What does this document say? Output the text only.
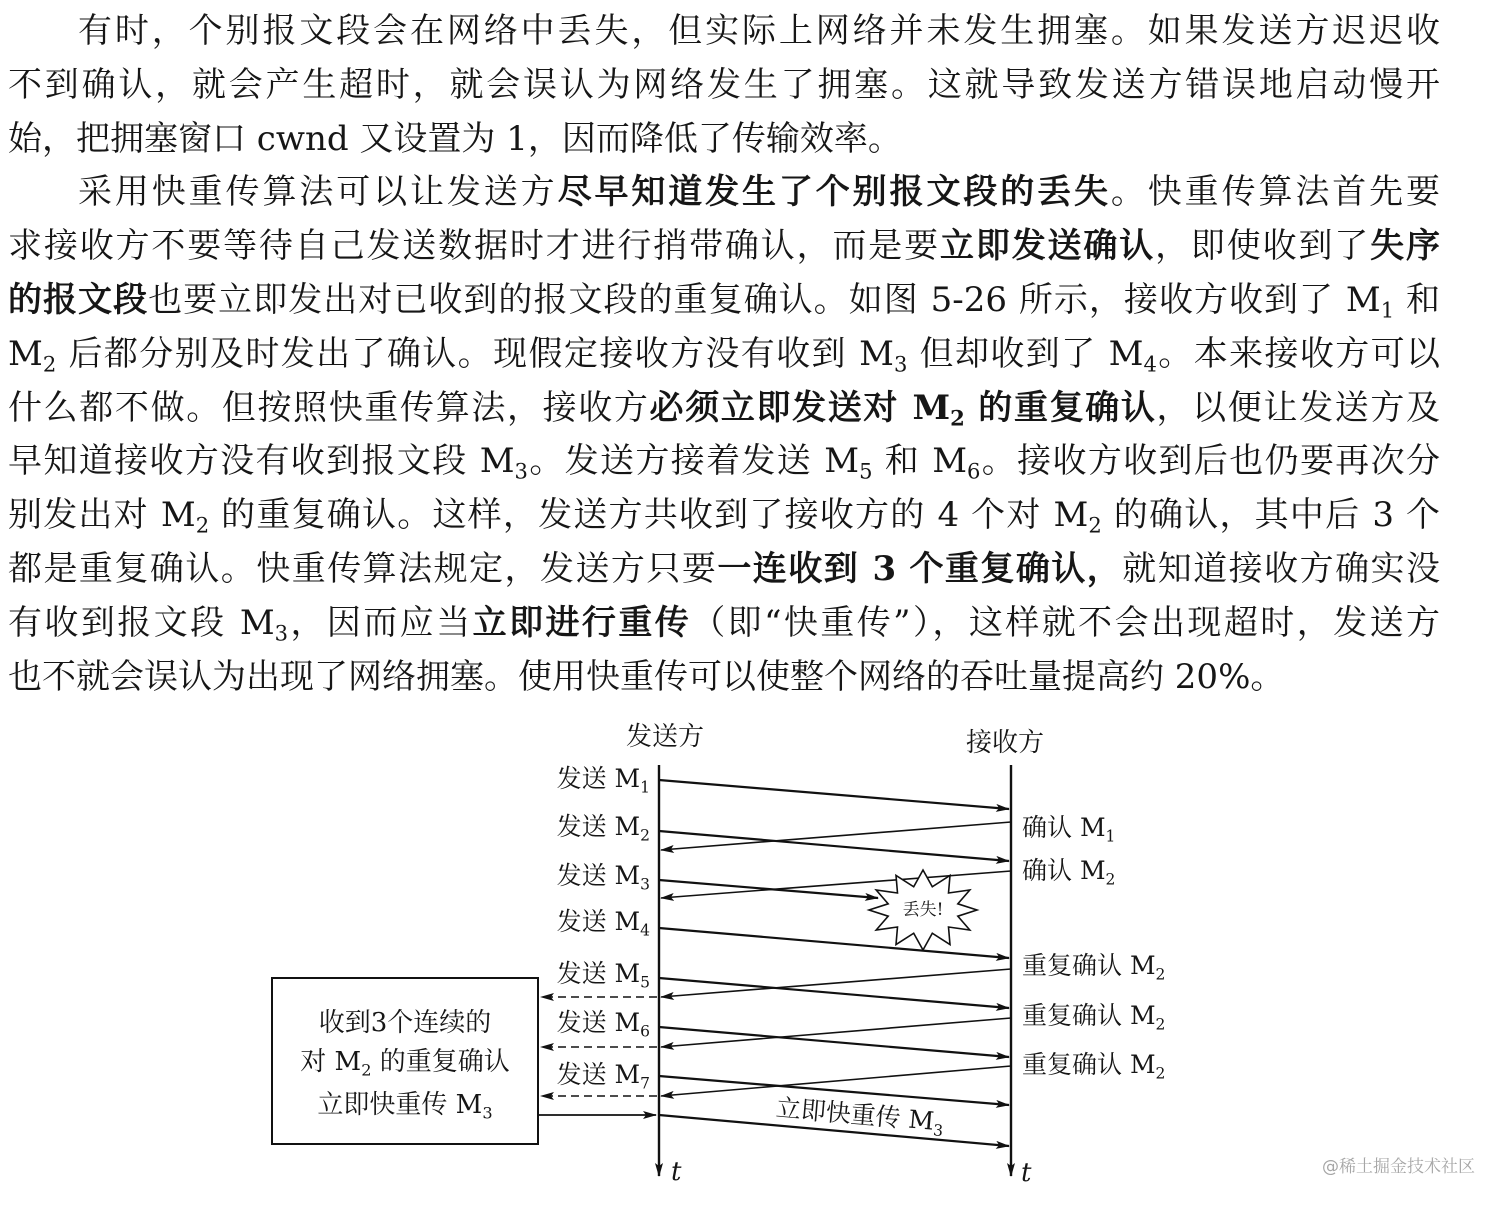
有时，个别报文段会在网络中丢失，但实际上网络并未发生拥塞。如果发送方迟迟收
不到确认，就会产生超时，就会误认为网络发生了拥塞。这就导致发送方错误地启动慢开
始，把拥塞窗口 cwnd 又设置为 1，因而降低了传输效率。
采用快重传算法可以让发送方尽早知道发生了个别报文段的丢失。快重传算法首先要
求接收方不要等待自己发送数据时才进行捎带确认，而是要立即发送确认，即使收到了失序
的报文段也要立即发出对已收到的报文段的重复确认。如图 5-26 所示，接收方收到了 $M_1$ 和
$M_2$ 后都分别及时发出了确认。现假定接收方没有收到 $M_3$ 但却收到了 $M_4$。本来接收方可以
什么都不做。但按照快重传算法，接收方必须立即发送对 $M_2$ 的重复确认，以便让发送方及
早知道接收方没有收到报文段 $M_3$。发送方接着发送 $M_5$ 和 $M_6$。接收方收到后也仍要再次分
别发出对 $M_2$ 的重复确认。这样，发送方共收到了接收方的 4 个对 $M_2$ 的确认，其中后 3 个
都是重复确认。快重传算法规定，发送方只要一连收到 3 个重复确认，就知道接收方确实没
有收到报文段 $M_3$，因而应当立即进行重传（即“快重传”），这样就不会出现超时，发送方
也不就会误认为出现了网络拥塞。使用快重传可以使整个网络的吞吐量提高约 20%。
发送方	接收方
发送 $M_1$
发送 $M_2$
发送 $M_3$
发送 $M_4$
发送 $M_5$
发送 $M_6$
发送 $M_7$
确认 $M_1$
确认 $M_2$
重复确认 $M_2$
重复确认 $M_2$
重复确认 $M_2$
丢失!
收到3个连续的
对 $M_2$ 的重复确认
立即快重传 $M_3$	立即快重传 $M_3$
t	t	@稀土掘金技术社区
